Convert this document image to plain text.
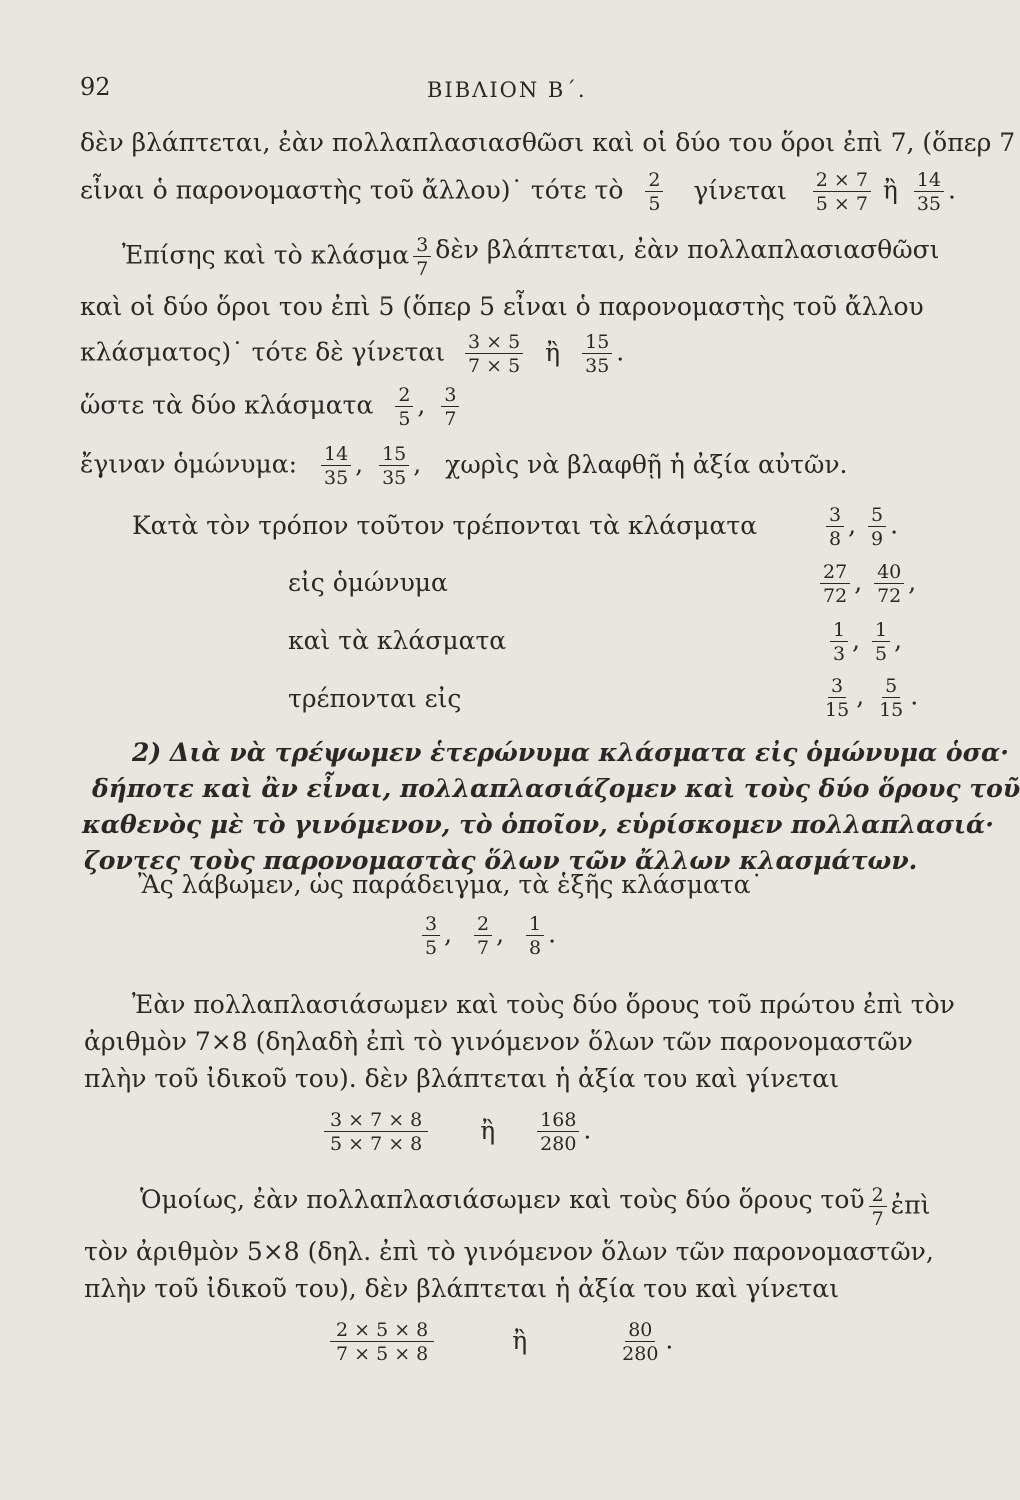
92	ΒΙΒΛΙΟΝ Β΄.
δὲν βλάπτεται, ἐὰν πολλαπλασιασθῶσι καὶ οἱ δύο του ὅροι ἐπὶ 7, (ὅπερ 7
εἶναι ὁ παρονομαστὴς τοῦ ἄλλου)˙ τότε τὸ $\frac{2}{5}$ γίνεται $\frac{2 \times 7}{5 \times 7}$ ἢ $\frac{14}{35}$ .
Ἐπίσης καὶ τὸ κλάσμα $\frac{3}{7}$ δὲν βλάπτεται, ἐὰν πολλαπλασιασθῶσι
καὶ οἱ δύο ὅροι του ἐπὶ 5 (ὅπερ 5 εἶναι ὁ παρονομαστὴς τοῦ ἄλλου
κλάσματος)˙ τότε δὲ γίνεται $\frac{3 \times 5}{7 \times 5}$ ἢ $\frac{15}{35}$ .
ὥστε τὰ δύο κλάσματα $\frac{2}{5}$ , $\frac{3}{7}$
ἔγιναν ὁμώνυμα: $\frac{14}{35}$ , $\frac{15}{35}$ , χωρὶς νὰ βλαφθῇ ἡ ἀξία αὐτῶν.
Κατὰ τὸν τρόπον τοῦτον τρέπονται τὰ κλάσματα	$\frac{3}{8}$ , $\frac{5}{9}$ .
εἰς ὁμώνυμα	$\frac{27}{72}$ , $\frac{40}{72}$ ,
καὶ τὰ κλάσματα	$\frac{1}{3}$ , $\frac{1}{5}$ ,
τρέπονται εἰς	$\frac{3}{15}$ , $\frac{5}{15}$ .
2) Διὰ νὰ τρέψωμεν ἑτερώνυμα κλάσματα εἰς ὁμώνυμα ὁσα·
δήποτε καὶ ἂν εἶναι, πολλαπλασιάζομεν καὶ τοὺς δύο ὅρους τοῦ
καθενὸς μὲ τὸ γινόμενον, τὸ ὁποῖον, εὑρίσκομεν πολλαπλασιά·
ζοντες τοὺς παρονομαστὰς ὅλων τῶν ἄλλων κλασμάτων.
Ἂς λάβωμεν, ὡς παράδειγμα, τὰ ἑξῆς κλάσματα˙
$\frac{3}{5}$ , $\frac{2}{7}$ , $\frac{1}{8}$ .
Ἐὰν πολλαπλασιάσωμεν καὶ τοὺς δύο ὅρους τοῦ πρώτου ἐπὶ τὸν
ἀριθμὸν 7×8 (δηλαδὴ ἐπὶ τὸ γινόμενον ὅλων τῶν παρονομαστῶν
πλὴν τοῦ ἰδικοῦ του). δὲν βλάπτεται ἡ ἀξία του καὶ γίνεται
$\frac{3 \times 7 \times 8}{5 \times 7 \times 8}$ ἢ $\frac{168}{280}$ .
Ὁμοίως, ἐὰν πολλαπλασιάσωμεν καὶ τοὺς δύο ὅρους τοῦ $\frac{2}{7}$ ἐπὶ
τὸν ἀριθμὸν 5×8 (δηλ. ἐπὶ τὸ γινόμενον ὅλων τῶν παρονομαστῶν,
πλὴν τοῦ ἰδικοῦ του), δὲν βλάπτεται ἡ ἀξία του καὶ γίνεται
$\frac{2 \times 5 \times 8}{7 \times 5 \times 8}$	ἢ	$\frac{80}{280}$ .
